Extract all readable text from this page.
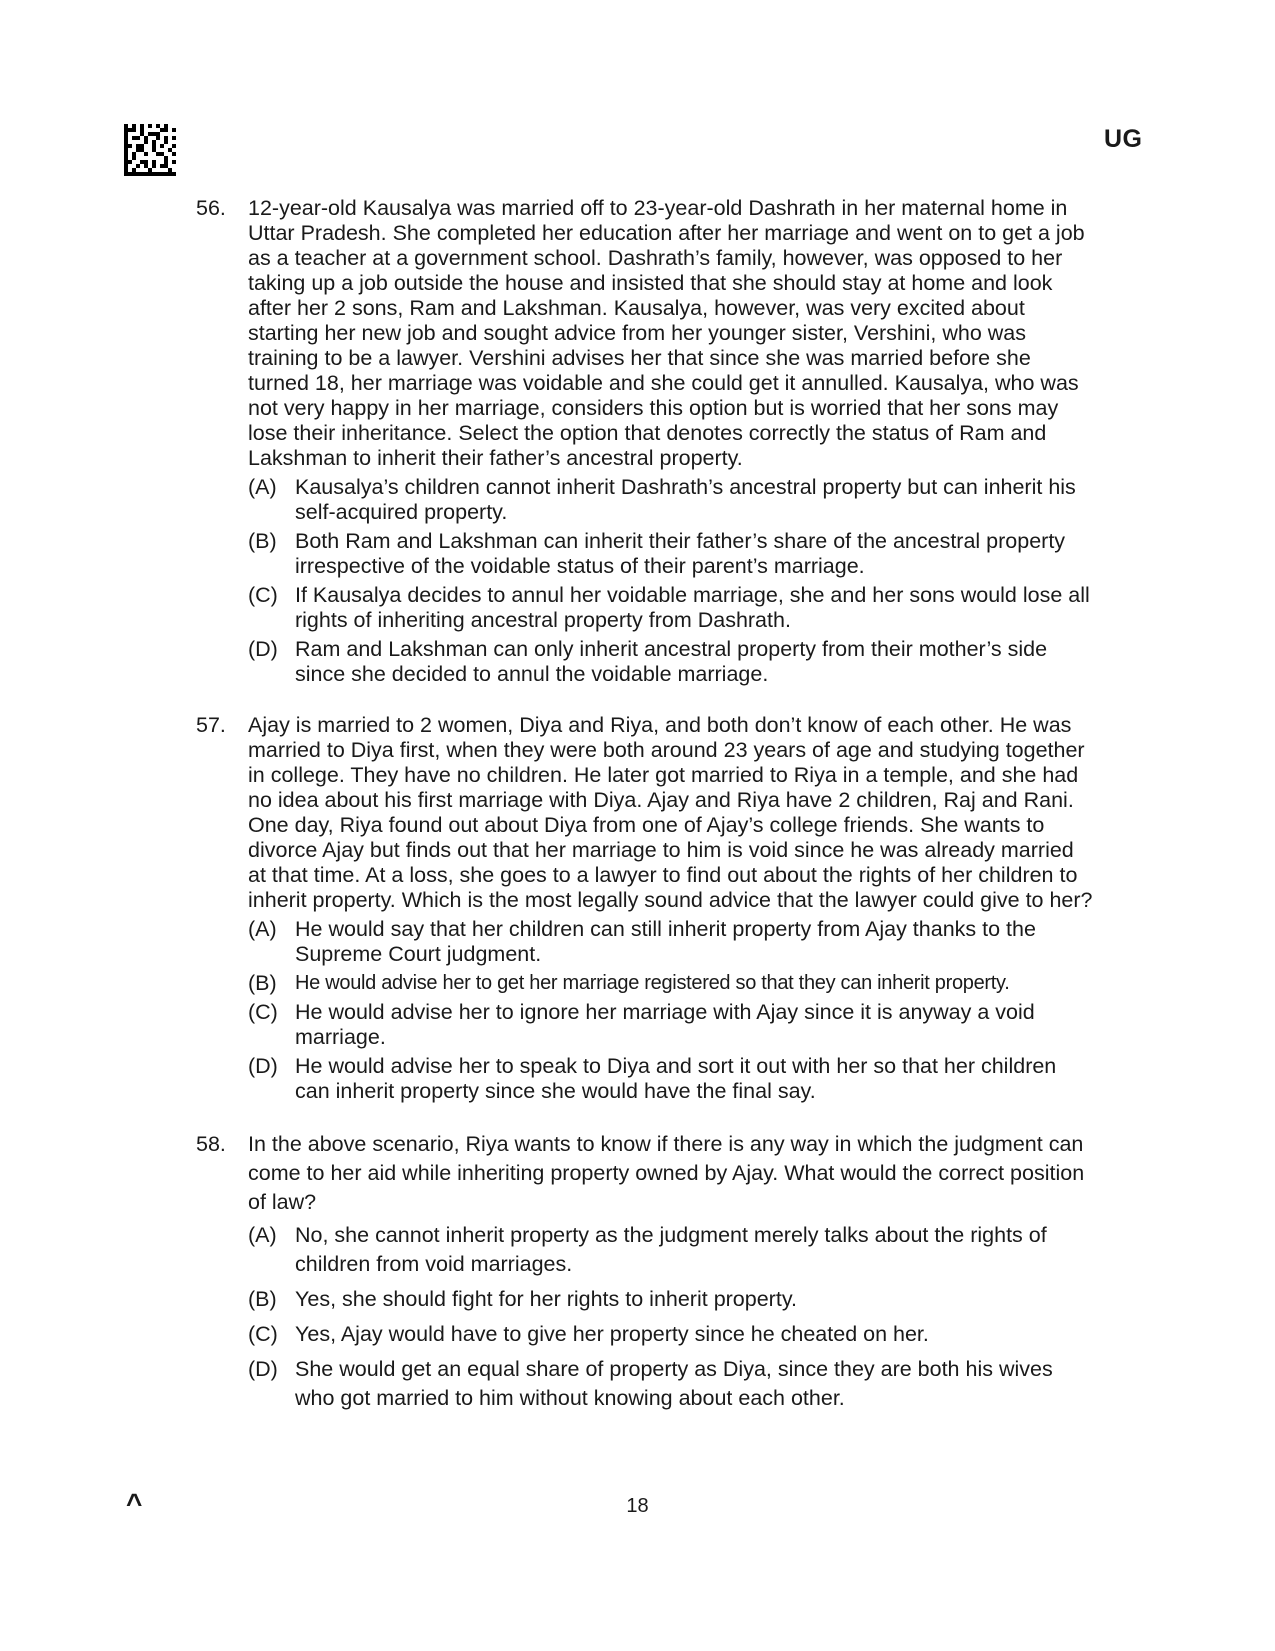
UG
56.	12-year-old Kausalya was married off to 23-year-old Dashrath in her maternal home in Uttar Pradesh. She completed her education after her marriage and went on to get a job as a teacher at a government school. Dashrath’s family, however, was opposed to her taking up a job outside the house and insisted that she should stay at home and look after her 2 sons, Ram and Lakshman. Kausalya, however, was very excited about starting her new job and sought advice from her younger sister, Vershini, who was training to be a lawyer. Vershini advises her that since she was married before she turned 18, her marriage was voidable and she could get it annulled. Kausalya, who was not very happy in her marriage, considers this option but is worried that her sons may lose their inheritance. Select the option that denotes correctly the status of Ram and Lakshman to inherit their father’s ancestral property.
(A) Kausalya’s children cannot inherit Dashrath’s ancestral property but can inherit his self-acquired property.
(B) Both Ram and Lakshman can inherit their father’s share of the ancestral property irrespective of the voidable status of their parent’s marriage.
(C) If Kausalya decides to annul her voidable marriage, she and her sons would lose all rights of inheriting ancestral property from Dashrath.
(D) Ram and Lakshman can only inherit ancestral property from their mother’s side since she decided to annul the voidable marriage.
57.	Ajay is married to 2 women, Diya and Riya, and both don’t know of each other. He was married to Diya first, when they were both around 23 years of age and studying together in college. They have no children. He later got married to Riya in a temple, and she had no idea about his first marriage with Diya. Ajay and Riya have 2 children, Raj and Rani. One day, Riya found out about Diya from one of Ajay’s college friends. She wants to divorce Ajay but finds out that her marriage to him is void since he was already married at that time. At a loss, she goes to a lawyer to find out about the rights of her children to inherit property. Which is the most legally sound advice that the lawyer could give to her?
(A) He would say that her children can still inherit property from Ajay thanks to the Supreme Court judgment.
(B) He would advise her to get her marriage registered so that they can inherit property.
(C) He would advise her to ignore her marriage with Ajay since it is anyway a void marriage.
(D) He would advise her to speak to Diya and sort it out with her so that her children can inherit property since she would have the final say.
58.	In the above scenario, Riya wants to know if there is any way in which the judgment can come to her aid while inheriting property owned by Ajay. What would the correct position of law?
(A) No, she cannot inherit property as the judgment merely talks about the rights of children from void marriages.
(B) Yes, she should fight for her rights to inherit property.
(C) Yes, Ajay would have to give her property since he cheated on her.
(D) She would get an equal share of property as Diya, since they are both his wives who got married to him without knowing about each other.
^	18
